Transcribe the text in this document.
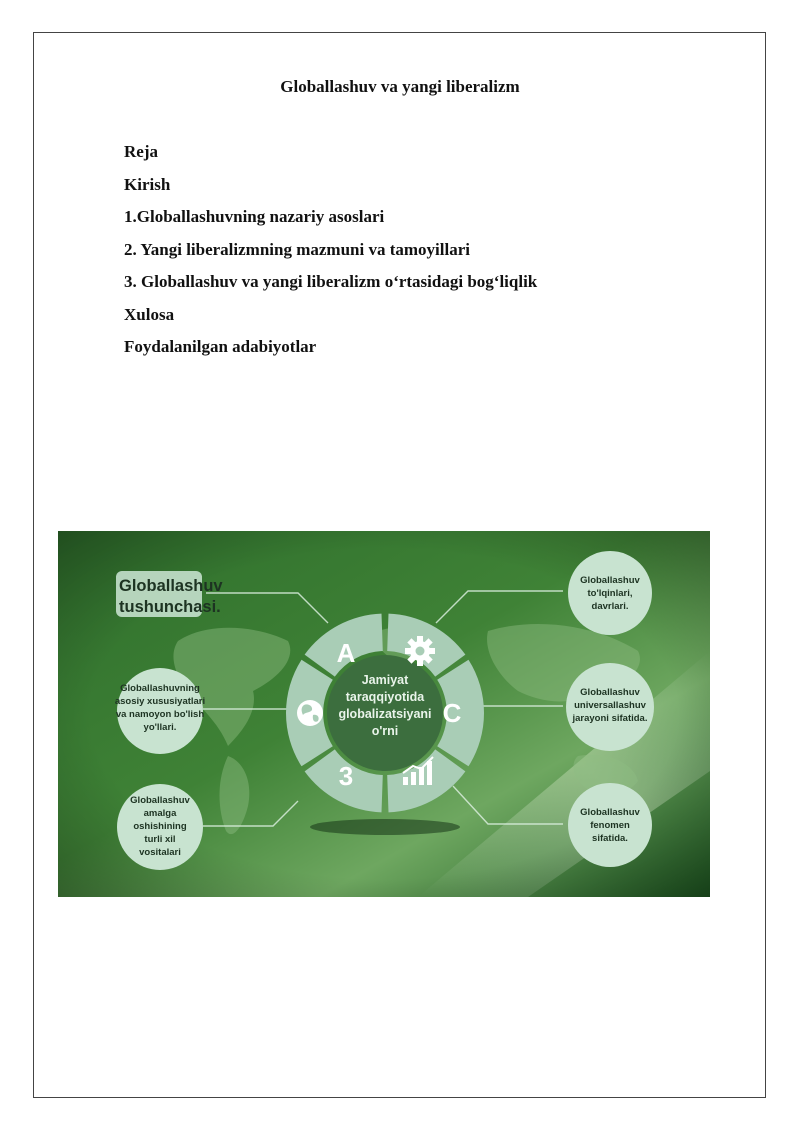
Globallashuv va yangi liberalizm
Reja
Kirish
1.Globallashuvning nazariy asoslari
2. Yangi liberalizmning mazmuni va tamoyillari
3. Globallashuv va yangi liberalizm o‘rtasidagi bog‘liqlik
Xulosa
Foydalanilgan adabiyotlar
Jamiyat
taraqqiyotida
globalizatsiyani
o'rni
A
C
3
Globallashuv
tushunchasi.
Globallashuvning
asosiy xususiyatlari
va namoyon bo'lish
yo'llari.
Globallashuv
amalga
oshishining
turli xil
vositalari
Globallashuv
to'lqinlari,
davrlari.
Globallashuv
universallashuv
jarayoni sifatida.
Globallashuv
fenomen
sifatida.
